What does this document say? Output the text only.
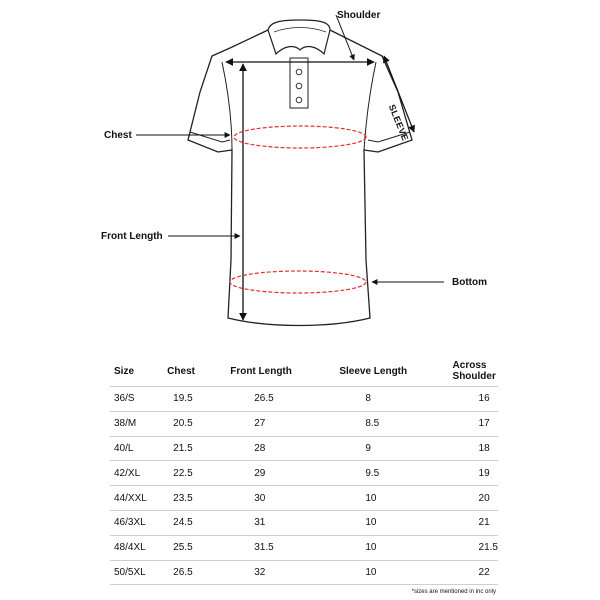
Shoulder
Chest
Front Length
Bottom
SLEEVE
Size	Chest	Front Length	Sleeve Length	Across Shoulder
36/S	19.5	26.5	8	16
38/M	20.5	27	8.5	17
40/L	21.5	28	9	18
42/XL	22.5	29	9.5	19
44/XXL	23.5	30	10	20
46/3XL	24.5	31	10	21
48/4XL	25.5	31.5	10	21.5
50/5XL	26.5	32	10	22
*sizes are mentioned in inc only
